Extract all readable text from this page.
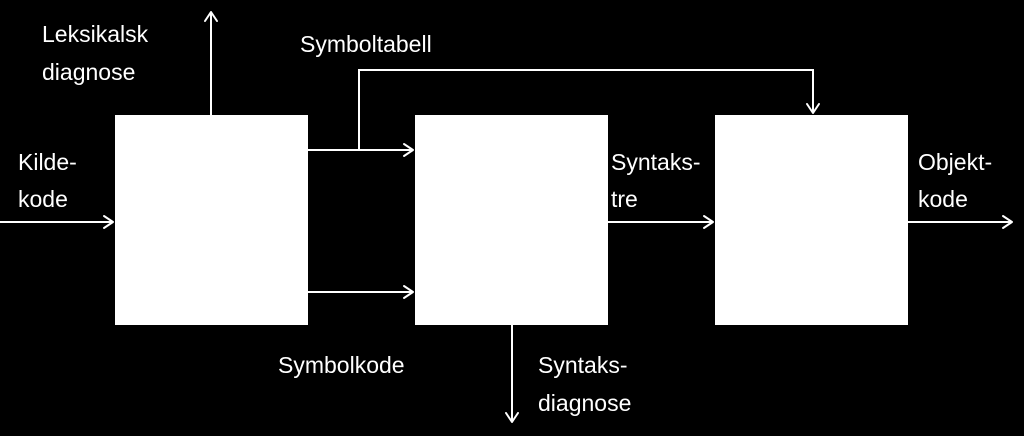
Leksikalsk
diagnose
Symboltabell
Kilde-
kode
Syntaks-
tre
Objekt-
kode
Symbolkode	Syntaks-
diagnose
